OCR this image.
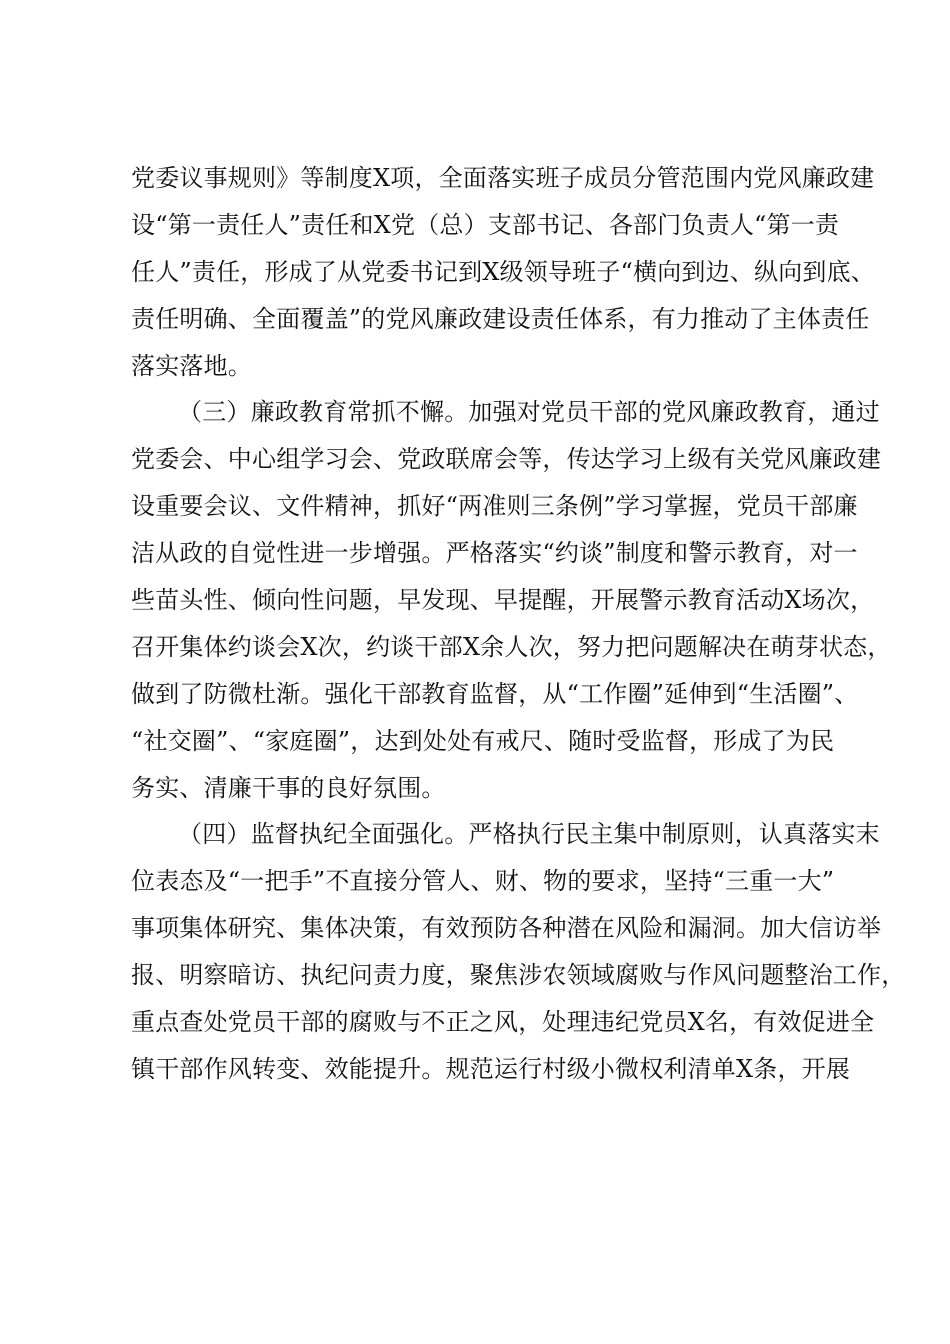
党委议事规则》等制度X项，全面落实班子成员分管范围内党风廉政建
设“第一责任人”责任和X党（总）支部书记、各部门负责人“第一责
任人”责任，形成了从党委书记到X级领导班子“横向到边、纵向到底、
责任明确、全面覆盖”的党风廉政建设责任体系，有力推动了主体责任
落实落地。
（三）廉政教育常抓不懈。加强对党员干部的党风廉政教育，通过
党委会、中心组学习会、党政联席会等，传达学习上级有关党风廉政建
设重要会议、文件精神，抓好“两准则三条例”学习掌握，党员干部廉
洁从政的自觉性进一步增强。严格落实“约谈”制度和警示教育，对一
些苗头性、倾向性问题，早发现、早提醒，开展警示教育活动X场次，
召开集体约谈会X次，约谈干部X余人次，努力把问题解决在萌芽状态，
做到了防微杜渐。强化干部教育监督，从“工作圈”延伸到“生活圈”、
“社交圈”、“家庭圈”，达到处处有戒尺、随时受监督，形成了为民
务实、清廉干事的良好氛围。
（四）监督执纪全面强化。严格执行民主集中制原则，认真落实末
位表态及“一把手”不直接分管人、财、物的要求，坚持“三重一大”
事项集体研究、集体决策，有效预防各种潜在风险和漏洞。加大信访举
报、明察暗访、执纪问责力度，聚焦涉农领域腐败与作风问题整治工作，
重点查处党员干部的腐败与不正之风，处理违纪党员X名，有效促进全
镇干部作风转变、效能提升。规范运行村级小微权利清单X条，开展
